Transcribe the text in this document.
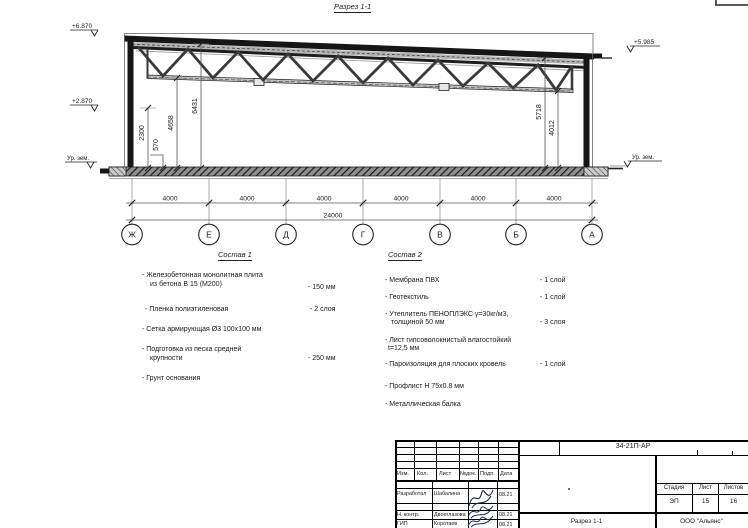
Разрез 1-1
+6.870
+2.870
Ур. зем.
+5.985
Ур. зем.
6431
4658
2300
570
5718
4012
4000	4000	4000	4000	4000	4000
24000
Ж	Е	Д	Г	В	Б	А
Состав 1
- Железобетонная монолитная плита
из бетона В 15 (М200)	- 150 мм
- Пленка полиэтиленовая	- 2 слоя
- Сетка армирующая Ø3 100x100 мм
- Подготовка из песка средней
крупности	- 250 мм
- Грунт основания
Состав 2
- Мембрана ПВХ	- 1 слой
- Геотекстиль	- 1 слой
- Утеплитель ПЕНОПЛЭКС γ=30кг/м3,
толщиной 50 мм	- 3 слоя
- Лист гипсоволокнистый влагостойкий
t=12,5 мм
- Пароизоляция для плоских кровель	- 1 слой
- Профлист Н 75x0.8 мм
- Металлическая балка
Изм. Кол. Лист №док. Подп. Дата
Разработал Шабалина	08.21
Н. контр.	Двоеглазова	08.21
ГИП	Коротаев	08.21
34-21П-АР
Стадия	Лист	Листов
ЭП	15	16
Разрез 1-1	ООО "Альянс"
